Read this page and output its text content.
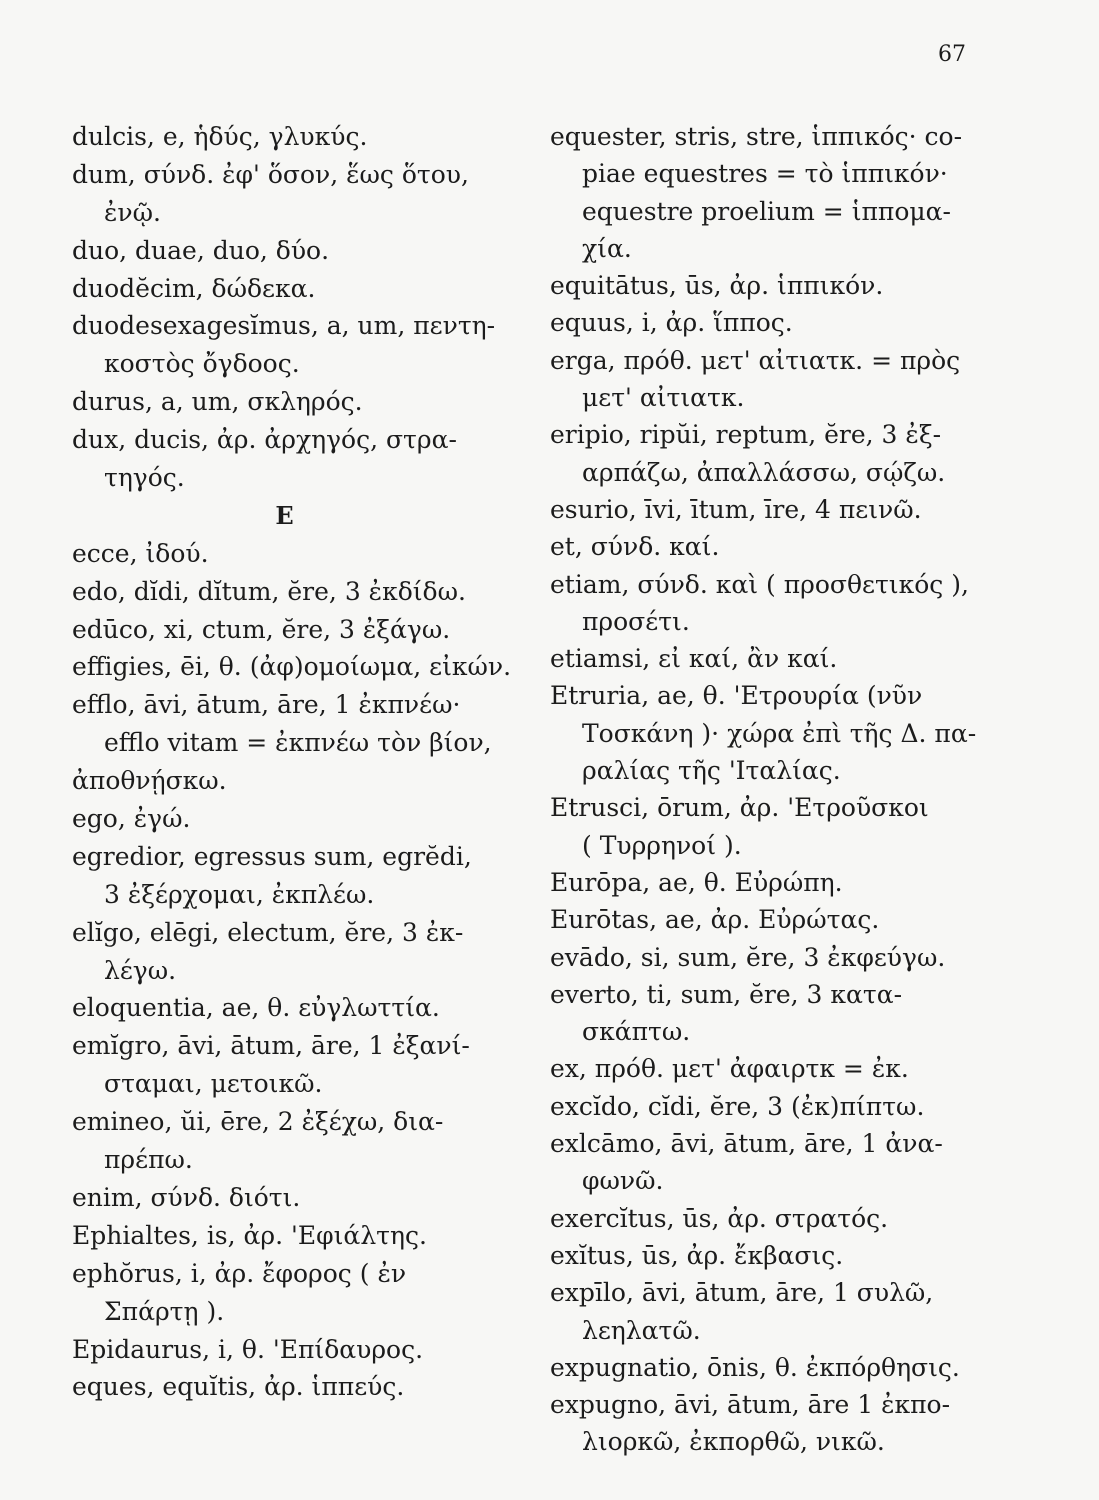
67
dulcis, e, ἡδύς, γλυκύς.
dum, σύνδ. ἐφ' ὅσον, ἕως ὅτου,
ἐνῷ.
duo, duae, duo, δύο.
duodĕcim, δώδεκα.
duodesexagesĭmus, a, um, πεντη-
κοστὸς ὄγδοος.
durus, a, um, σκληρός.
dux, ducis, ἀρ. ἀρχηγός, στρα-
τηγός.
E
ecce, ἰδού.
edo, dĭdi, dĭtum, ĕre, 3 ἐκδίδω.
edūco, xi, ctum, ĕre, 3 ἐξάγω.
effigies, ēi, θ. (ἀφ)ομοίωμα, εἰκών.
efflo, āvi, ātum, āre, 1 ἐκπνέω·
efflo vitam = ἐκπνέω τὸν βίον,
ἀποθνῄσκω.
ego, ἐγώ.
egredior, egressus sum, egrĕdi,
3 ἐξέρχομαι, ἐκπλέω.
elĭgo, elēgi, electum, ĕre, 3 ἐκ-
λέγω.
eloquentia, ae, θ. εὐγλωττία.
emĭgro, āvi, ātum, āre, 1 ἐξανί-
σταμαι, μετοικῶ.
emineo, ŭi, ēre, 2 ἐξέχω, δια-
πρέπω.
enim, σύνδ. διότι.
Ephialtes, is, ἀρ. 'Εφιάλτης.
ephŏrus, i, ἀρ. ἔφορος ( ἐν
Σπάρτῃ ).
Epidaurus, i, θ. 'Επίδαυρος.
eques, equĭtis, ἀρ. ἱππεύς.
equester, stris, stre, ἱππικός· co-
piae equestres = τὸ ἱππικόν·
equestre proelium = ἱππομα-
χία.
equitātus, ūs, ἀρ. ἱππικόν.
equus, i, ἀρ. ἵππος.
erga, πρόθ. μετ' αἰτιατκ. = πρὸς
μετ' αἰτιατκ.
eripio, ripŭi, reptum, ĕre, 3 ἐξ-
αρπάζω, ἀπαλλάσσω, σῴζω.
esurio, īvi, ītum, īre, 4 πεινῶ.
et, σύνδ. καί.
etiam, σύνδ. καὶ ( προσθετικός ),
προσέτι.
etiamsi, εἰ καί, ἂν καί.
Etruria, ae, θ. 'Ετρουρία (νῦν
Τοσκάνη )· χώρα ἐπὶ τῆς Δ. πα-
ραλίας τῆς 'Ιταλίας.
Etrusci, ōrum, ἀρ. 'Ετροῦσκοι
( Τυρρηνοί ).
Eurōpa, ae, θ. Εὐρώπη.
Eurōtas, ae, ἀρ. Εὐρώτας.
evādo, si, sum, ĕre, 3 ἐκφεύγω.
everto, ti, sum, ĕre, 3 κατα-
σκάπτω.
ex, πρόθ. μετ' ἀφαιρτκ = ἐκ.
excĭdo, cĭdi, ĕre, 3 (ἐκ)πίπτω.
exlcāmo, āvi, ātum, āre, 1 ἀνα-
φωνῶ.
exercĭtus, ūs, ἀρ. στρατός.
exĭtus, ūs, ἀρ. ἔκβασις.
expīlo, āvi, ātum, āre, 1 συλῶ,
λεηλατῶ.
expugnatio, ōnis, θ. ἐκπόρθησις.
expugno, āvi, ātum, āre 1 ἐκπο-
λιορκῶ, ἐκπορθῶ, νικῶ.
